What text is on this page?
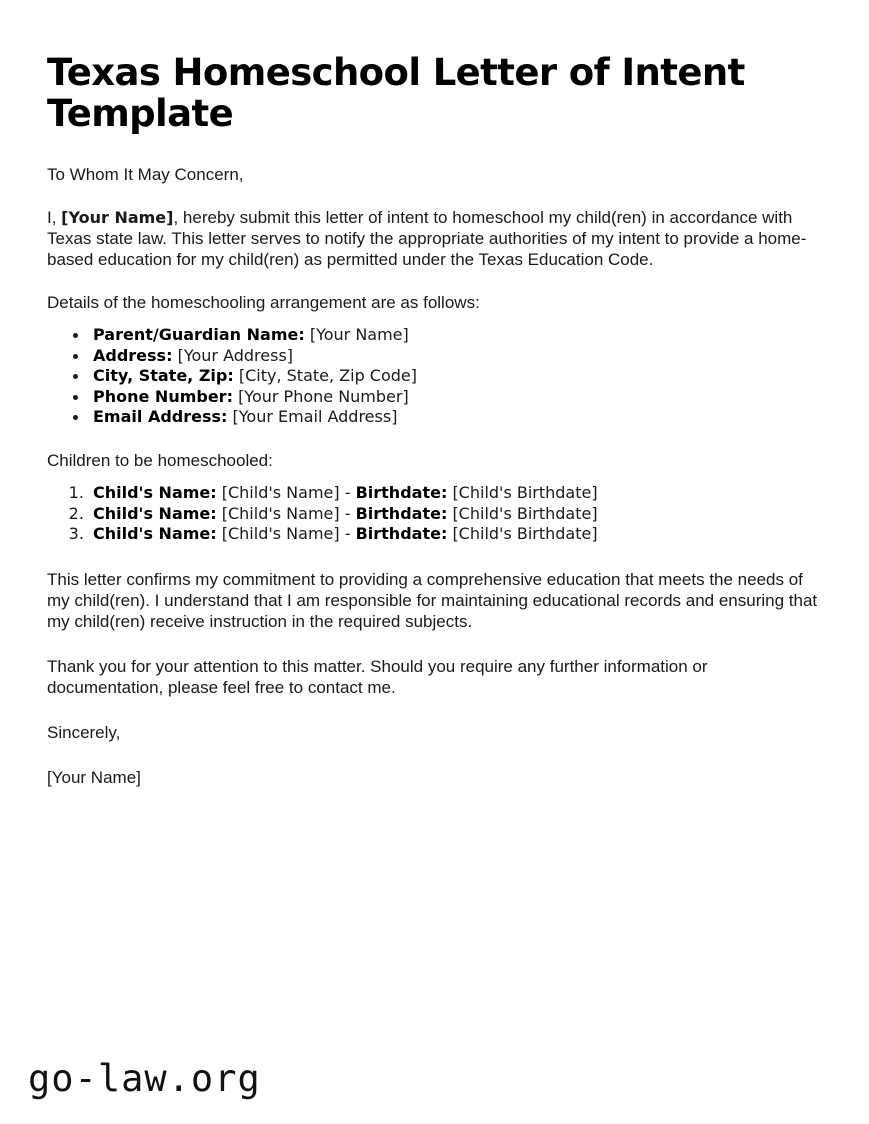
Texas Homeschool Letter of Intent Template

To Whom It May Concern,

I, [Your Name], hereby submit this letter of intent to homeschool my child(ren) in accordance with Texas state law. This letter serves to notify the appropriate authorities of my intent to provide a home-based education for my child(ren) as permitted under the Texas Education Code.

Details of the homeschooling arrangement are as follows:

• Parent/Guardian Name: [Your Name]
• Address: [Your Address]
• City, State, Zip: [City, State, Zip Code]
• Phone Number: [Your Phone Number]
• Email Address: [Your Email Address]

Children to be homeschooled:

1. Child's Name: [Child's Name] - Birthdate: [Child's Birthdate]
2. Child's Name: [Child's Name] - Birthdate: [Child's Birthdate]
3. Child's Name: [Child's Name] - Birthdate: [Child's Birthdate]

This letter confirms my commitment to providing a comprehensive education that meets the needs of my child(ren). I understand that I am responsible for maintaining educational records and ensuring that my child(ren) receive instruction in the required subjects.

Thank you for your attention to this matter. Should you require any further information or documentation, please feel free to contact me.

Sincerely,

[Your Name]

go-law.org
